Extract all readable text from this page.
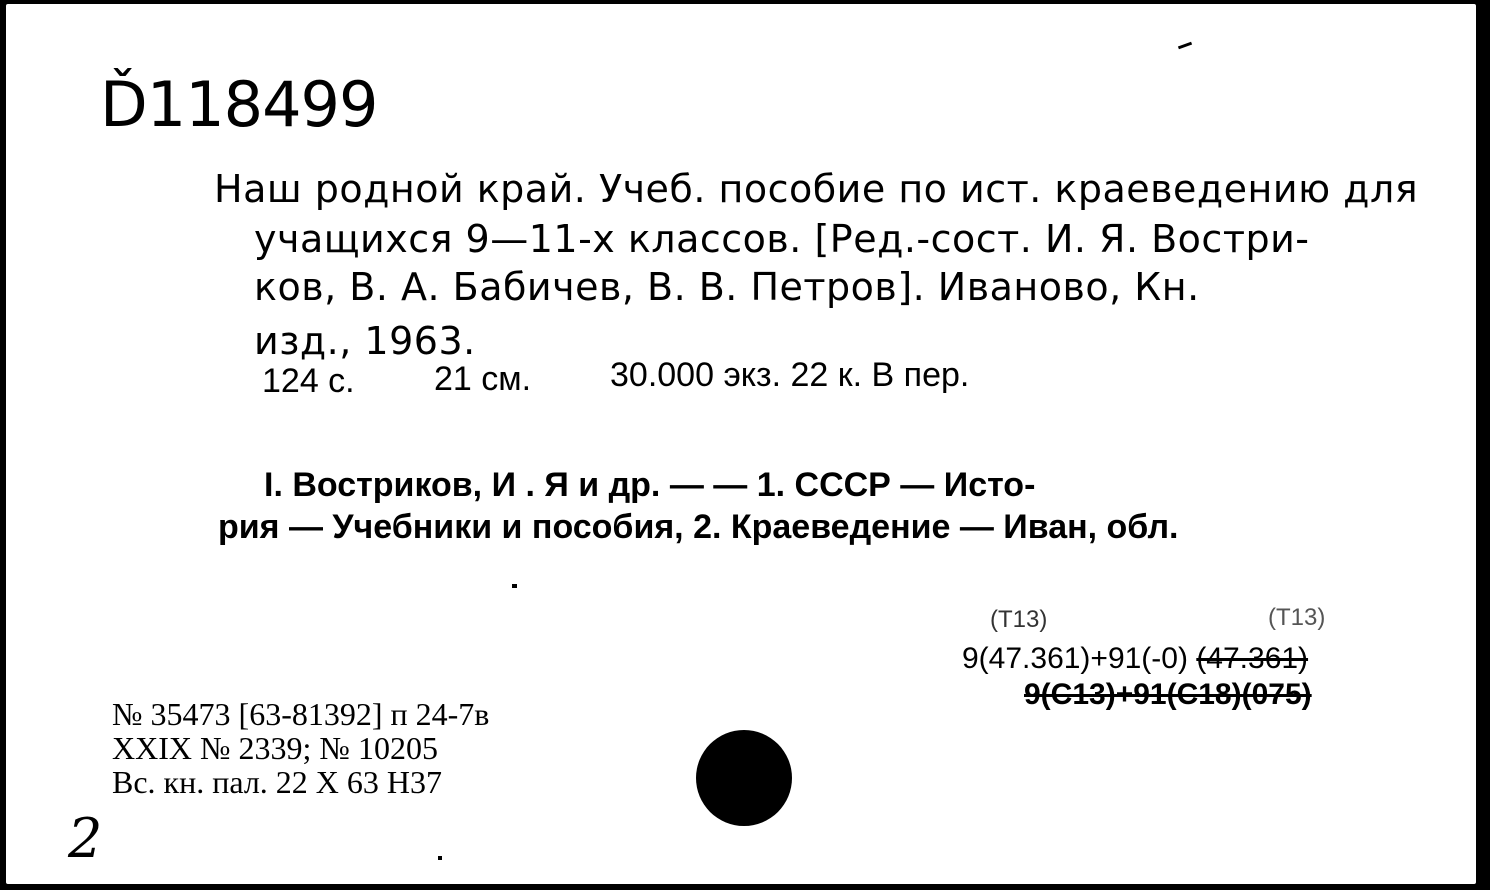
Ď118499
Наш родной край. Учеб. пособие по ист. краеведению для
учащихся 9—11-х классов. [Ред.-сост. И. Я. Востри-
ков, В. А. Бабичев, В. В. Петров]. Иваново, Кн.
изд., 1963.
124 с. 21 см. 30.000 экз. 22 к. В пер.
I. Востриков, И . Я и др. — — 1. СССР — Исто-
рия — Учебники и пособия, 2. Краеведение — Иван, обл.
(Т13)	(Т13)
9(47.361)+91(-0) (47.361)
9(С13)+91(С18)(075)
№ 35473 [63-81392] п 24-7в
XXIX № 2339; № 10205
Вс. кн. пал. 22 Х 63 Н37
2
